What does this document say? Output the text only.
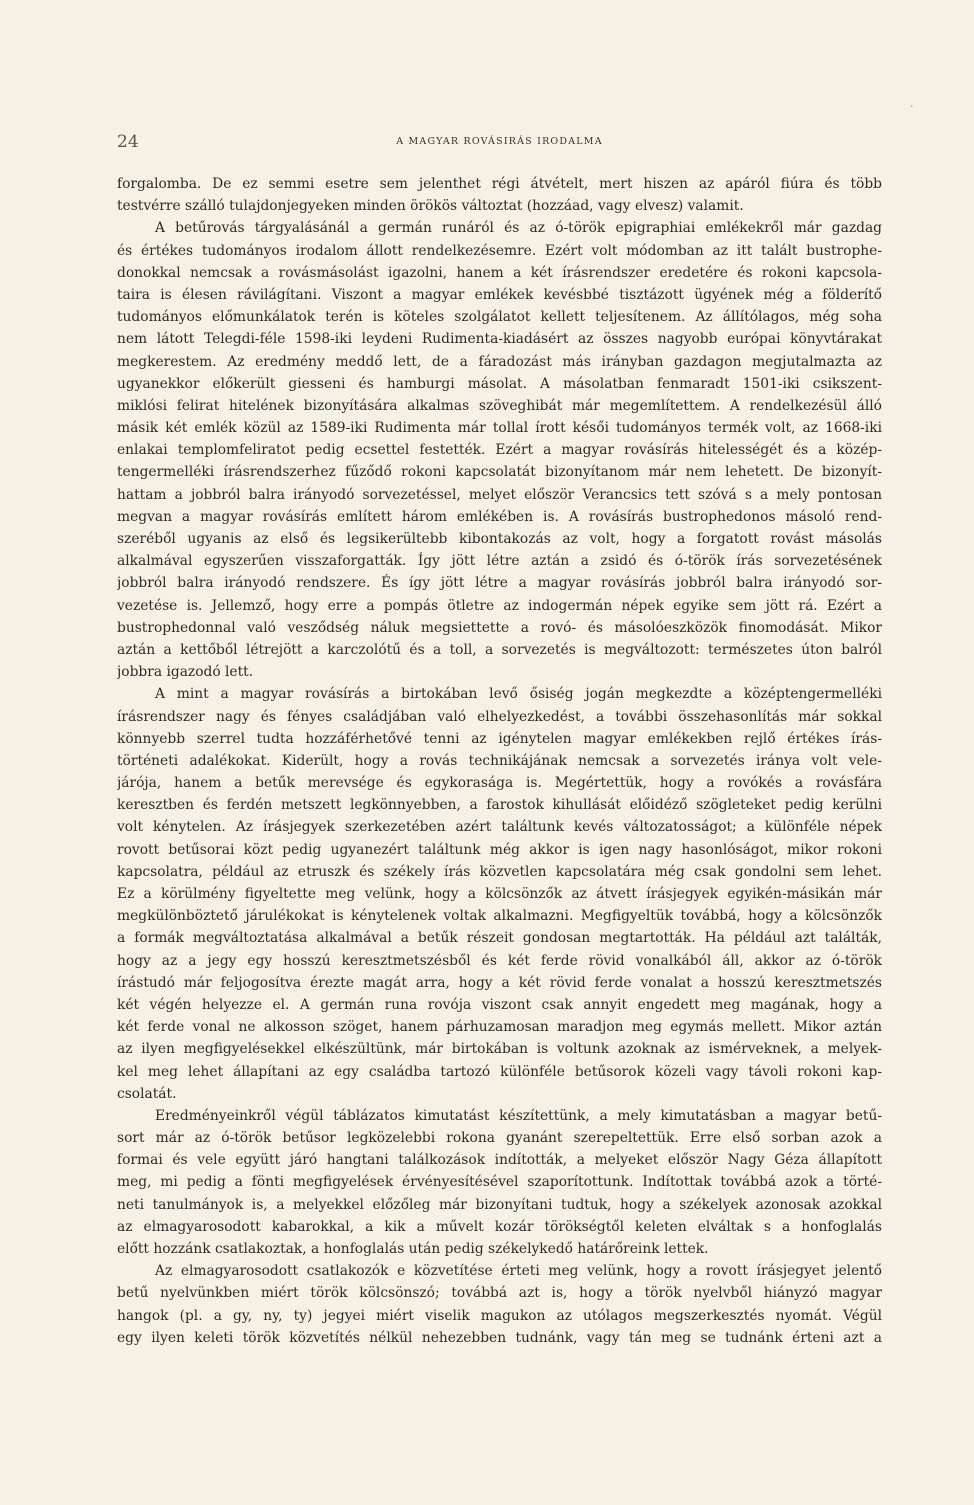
·
24	A MAGYAR ROVÁSIRÁS IRODALMA
forgalomba. De ez semmi esetre sem jelenthet régi átvételt, mert hiszen az apáról fiúra és több
testvérre szálló tulajdonjegyeken minden örökös változtat (hozzáad, vagy elvesz) valamit.
A betűrovás tárgyalásánál a germán runáról és az ó-török epigraphiai emlékekről már gazdag
és értékes tudományos irodalom állott rendelkezésemre. Ezért volt módomban az itt talált bustrophe-
donokkal nemcsak a rovásmásolást igazolni, hanem a két írásrendszer eredetére és rokoni kapcsola-
taira is élesen rávilágítani. Viszont a magyar emlékek kevésbbé tisztázott ügyének még a földerítő
tudományos előmunkálatok terén is köteles szolgálatot kellett teljesítenem. Az állítólagos, még soha
nem látott Telegdi-féle 1598-iki leydeni Rudimenta-kiadásért az összes nagyobb európai könyvtárakat
megkerestem. Az eredmény meddő lett, de a fáradozást más irányban gazdagon megjutalmazta az
ugyanekkor előkerült giesseni és hamburgi másolat. A másolatban fenmaradt 1501-iki csikszent-
miklósi felirat hitelének bizonyítására alkalmas szöveghibát már megemlítettem. A rendelkezésül álló
másik két emlék közül az 1589-iki Rudimenta már tollal írott késői tudományos termék volt, az 1668-iki
enlakai templomfeliratot pedig ecsettel festették. Ezért a magyar rovásírás hitelességét és a közép-
tengermelléki írásrendszerhez fűződő rokoni kapcsolatát bizonyítanom már nem lehetett. De bizonyít-
hattam a jobbról balra irányodó sorvezetéssel, melyet először Verancsics tett szóvá s a mely pontosan
megvan a magyar rovásírás említett három emlékében is. A rovásírás bustrophedonos másoló rend-
szeréből ugyanis az első és legsikerültebb kibontakozás az volt, hogy a forgatott rovást másolás
alkalmával egyszerűen visszaforgatták. Így jött létre aztán a zsidó és ó-török írás sorvezetésének
jobbról balra irányodó rendszere. És így jött létre a magyar rovásírás jobbról balra irányodó sor-
vezetése is. Jellemző, hogy erre a pompás ötletre az indogermán népek egyike sem jött rá. Ezért a
bustrophedonnal való vesződség náluk megsiettette a rovó- és másolóeszközök finomodását. Mikor
aztán a kettőből létrejött a karczolótű és a toll, a sorvezetés is megváltozott: természetes úton balról
jobbra igazodó lett.
A mint a magyar rovásírás a birtokában levő ősiség jogán megkezdte a középtengermelléki
írásrendszer nagy és fényes családjában való elhelyezkedést, a további összehasonlítás már sokkal
könnyebb szerrel tudta hozzáférhetővé tenni az igénytelen magyar emlékekben rejlő értékes írás-
történeti adalékokat. Kiderült, hogy a rovás technikájának nemcsak a sorvezetés iránya volt vele-
járója, hanem a betűk merevsége és egykorasága is. Megértettük, hogy a rovókés a rovásfára
keresztben és ferdén metszett legkönnyebben, a farostok kihullását előidéző szögleteket pedig kerülni
volt kénytelen. Az írásjegyek szerkezetében azért találtunk kevés változatosságot; a különféle népek
rovott betűsorai közt pedig ugyanezért találtunk még akkor is igen nagy hasonlóságot, mikor rokoni
kapcsolatra, például az etruszk és székely írás közvetlen kapcsolatára még csak gondolni sem lehet.
Ez a körülmény figyeltette meg velünk, hogy a kölcsönzők az átvett írásjegyek egyikén-másikán már
megkülönböztető járulékokat is kénytelenek voltak alkalmazni. Megfigyeltük továbbá, hogy a kölcsönzők
a formák megváltoztatása alkalmával a betűk részeit gondosan megtartották. Ha például azt találták,
hogy az a jegy egy hosszú keresztmetszésből és két ferde rövid vonalkából áll, akkor az ó-török
írástudó már feljogosítva érezte magát arra, hogy a két rövid ferde vonalat a hosszú keresztmetszés
két végén helyezze el. A germán runa rovója viszont csak annyit engedett meg magának, hogy a
két ferde vonal ne alkosson szöget, hanem párhuzamosan maradjon meg egymás mellett. Mikor aztán
az ilyen megfigyelésekkel elkészültünk, már birtokában is voltunk azoknak az ismérveknek, a melyek-
kel meg lehet állapítani az egy családba tartozó különféle betűsorok közeli vagy távoli rokoni kap-
csolatát.
Eredményeinkről végül táblázatos kimutatást készítettünk, a mely kimutatásban a magyar betű-
sort már az ó-török betűsor legközelebbi rokona gyanánt szerepeltettük. Erre első sorban azok a
formai és vele együtt járó hangtani találkozások indították, a melyeket először Nagy Géza állapított
meg, mi pedig a fönti megfigyelések érvényesítésével szaporítottunk. Indítottak továbbá azok a törté-
neti tanulmányok is, a melyekkel előzőleg már bizonyítani tudtuk, hogy a székelyek azonosak azokkal
az elmagyarosodott kabarokkal, a kik a művelt kozár törökségtől keleten elváltak s a honfoglalás
előtt hozzánk csatlakoztak, a honfoglalás után pedig székelykedő határőreink lettek.
Az elmagyarosodott csatlakozók e közvetítése érteti meg velünk, hogy a rovott írásjegyet jelentő
betű nyelvünkben miért török kölcsönszó; továbbá azt is, hogy a török nyelvből hiányzó magyar
hangok (pl. a gy, ny, ty) jegyei miért viselik magukon az utólagos megszerkesztés nyomát. Végül
egy ilyen keleti török közvetítés nélkül nehezebben tudnánk, vagy tán meg se tudnánk érteni azt a
